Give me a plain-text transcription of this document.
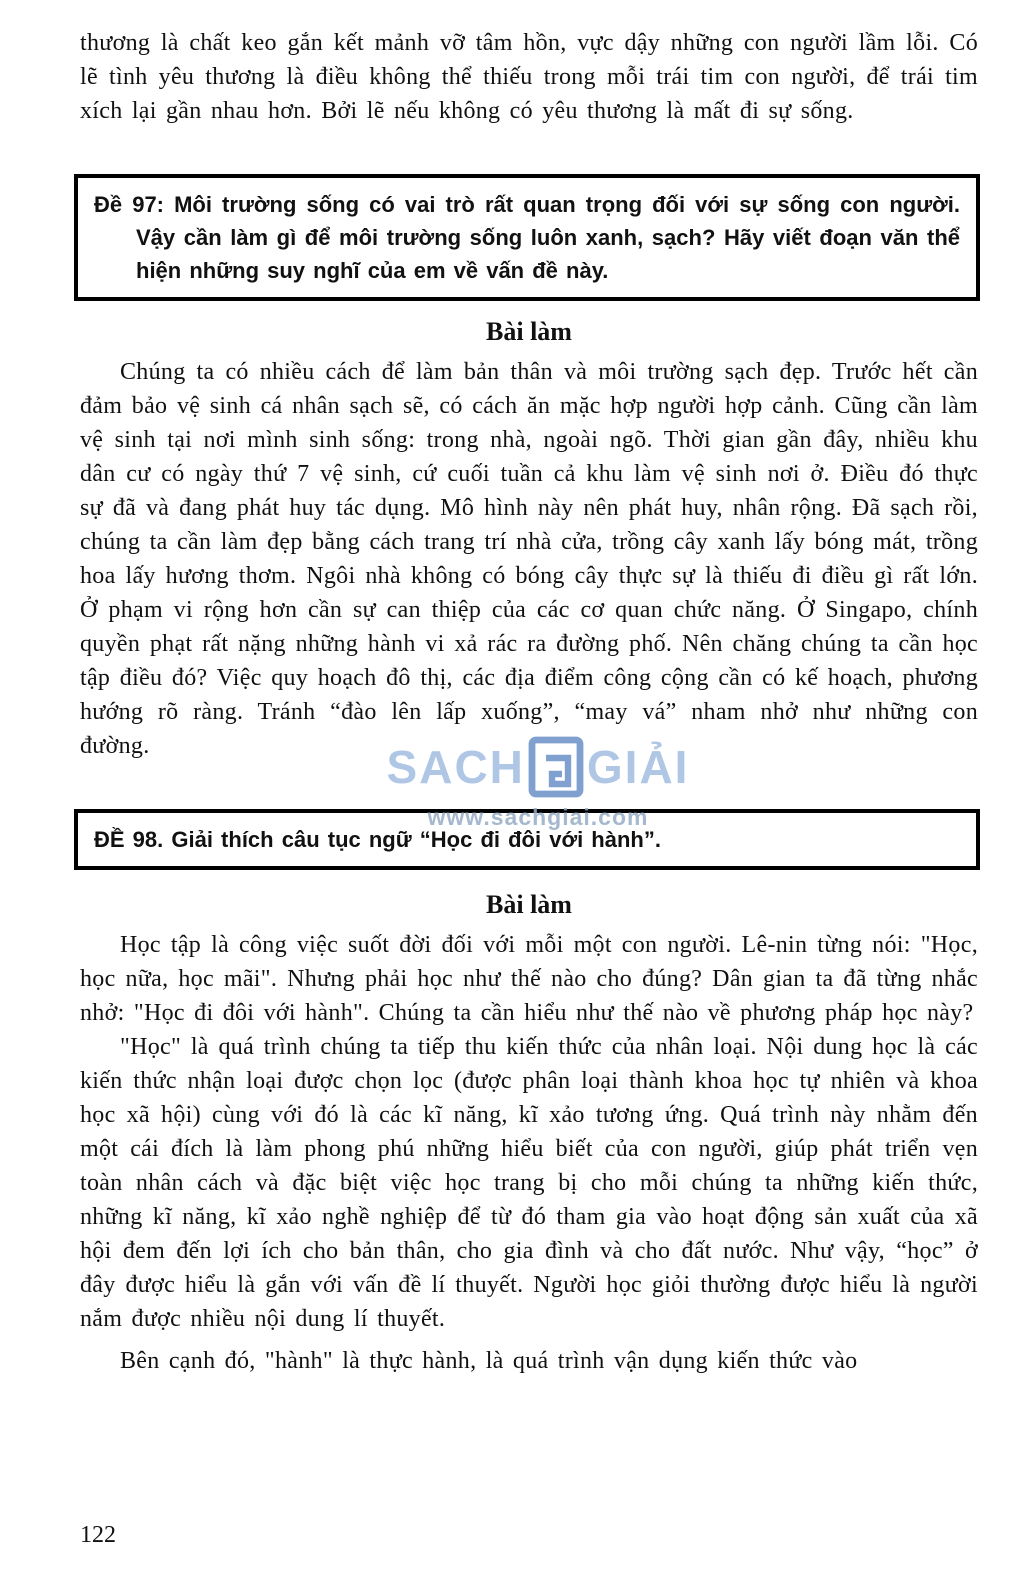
SACH GIẢI
www.sachgiai.com

thương là chất keo gắn kết mảnh vỡ tâm hồn, vực dậy những con người lầm lỗi. Có lẽ tình yêu thương là điều không thể thiếu trong mỗi trái tim con người, để trái tim xích lại gần nhau hơn. Bởi lẽ nếu không có yêu thương là mất đi sự sống.

Đề 97: Môi trường sống có vai trò rất quan trọng đối với sự sống con người. Vậy cần làm gì để môi trường sống luôn xanh, sạch? Hãy viết đoạn văn thể hiện những suy nghĩ của em về vấn đề này.

Bài làm

Chúng ta có nhiều cách để làm bản thân và môi trường sạch đẹp. Trước hết cần đảm bảo vệ sinh cá nhân sạch sẽ, có cách ăn mặc hợp người hợp cảnh. Cũng cần làm vệ sinh tại nơi mình sinh sống: trong nhà, ngoài ngõ. Thời gian gần đây, nhiều khu dân cư có ngày thứ 7 vệ sinh, cứ cuối tuần cả khu làm vệ sinh nơi ở. Điều đó thực sự đã và đang phát huy tác dụng. Mô hình này nên phát huy, nhân rộng. Đã sạch rồi, chúng ta cần làm đẹp bằng cách trang trí nhà cửa, trồng cây xanh lấy bóng mát, trồng hoa lấy hương thơm. Ngôi nhà không có bóng cây thực sự là thiếu đi điều gì rất lớn. Ở phạm vi rộng hơn cần sự can thiệp của các cơ quan chức năng. Ở Singapo, chính quyền phạt rất nặng những hành vi xả rác ra đường phố. Nên chăng chúng ta cần học tập điều đó? Việc quy hoạch đô thị, các địa điểm công cộng cần có kế hoạch, phương hướng rõ ràng. Tránh “đào lên lấp xuống”, “may vá” nham nhở như những con đường.

ĐỀ 98. Giải thích câu tục ngữ “Học đi đôi với hành”.

Bài làm

Học tập là công việc suốt đời đối với mỗi một con người. Lê-nin từng nói: "Học, học nữa, học mãi". Nhưng phải học như thế nào cho đúng? Dân gian ta đã từng nhắc nhở: "Học đi đôi với hành". Chúng ta cần hiểu như thế nào về phương pháp học này?

"Học" là quá trình chúng ta tiếp thu kiến thức của nhân loại. Nội dung học là các kiến thức nhận loại được chọn lọc (được phân loại thành khoa học tự nhiên và khoa học xã hội) cùng với đó là các kĩ năng, kĩ xảo tương ứng. Quá trình này nhằm đến một cái đích là làm phong phú những hiểu biết của con người, giúp phát triển vẹn toàn nhân cách và đặc biệt việc học trang bị cho mỗi chúng ta những kiến thức, những kĩ năng, kĩ xảo nghề nghiệp để từ đó tham gia vào hoạt động sản xuất của xã hội đem đến lợi ích cho bản thân, cho gia đình và cho đất nước. Như vậy, “học” ở đây được hiểu là gắn với vấn đề lí thuyết. Người học giỏi thường được hiểu là người nắm được nhiều nội dung lí thuyết.

Bên cạnh đó, "hành" là thực hành, là quá trình vận dụng kiến thức vào

122
